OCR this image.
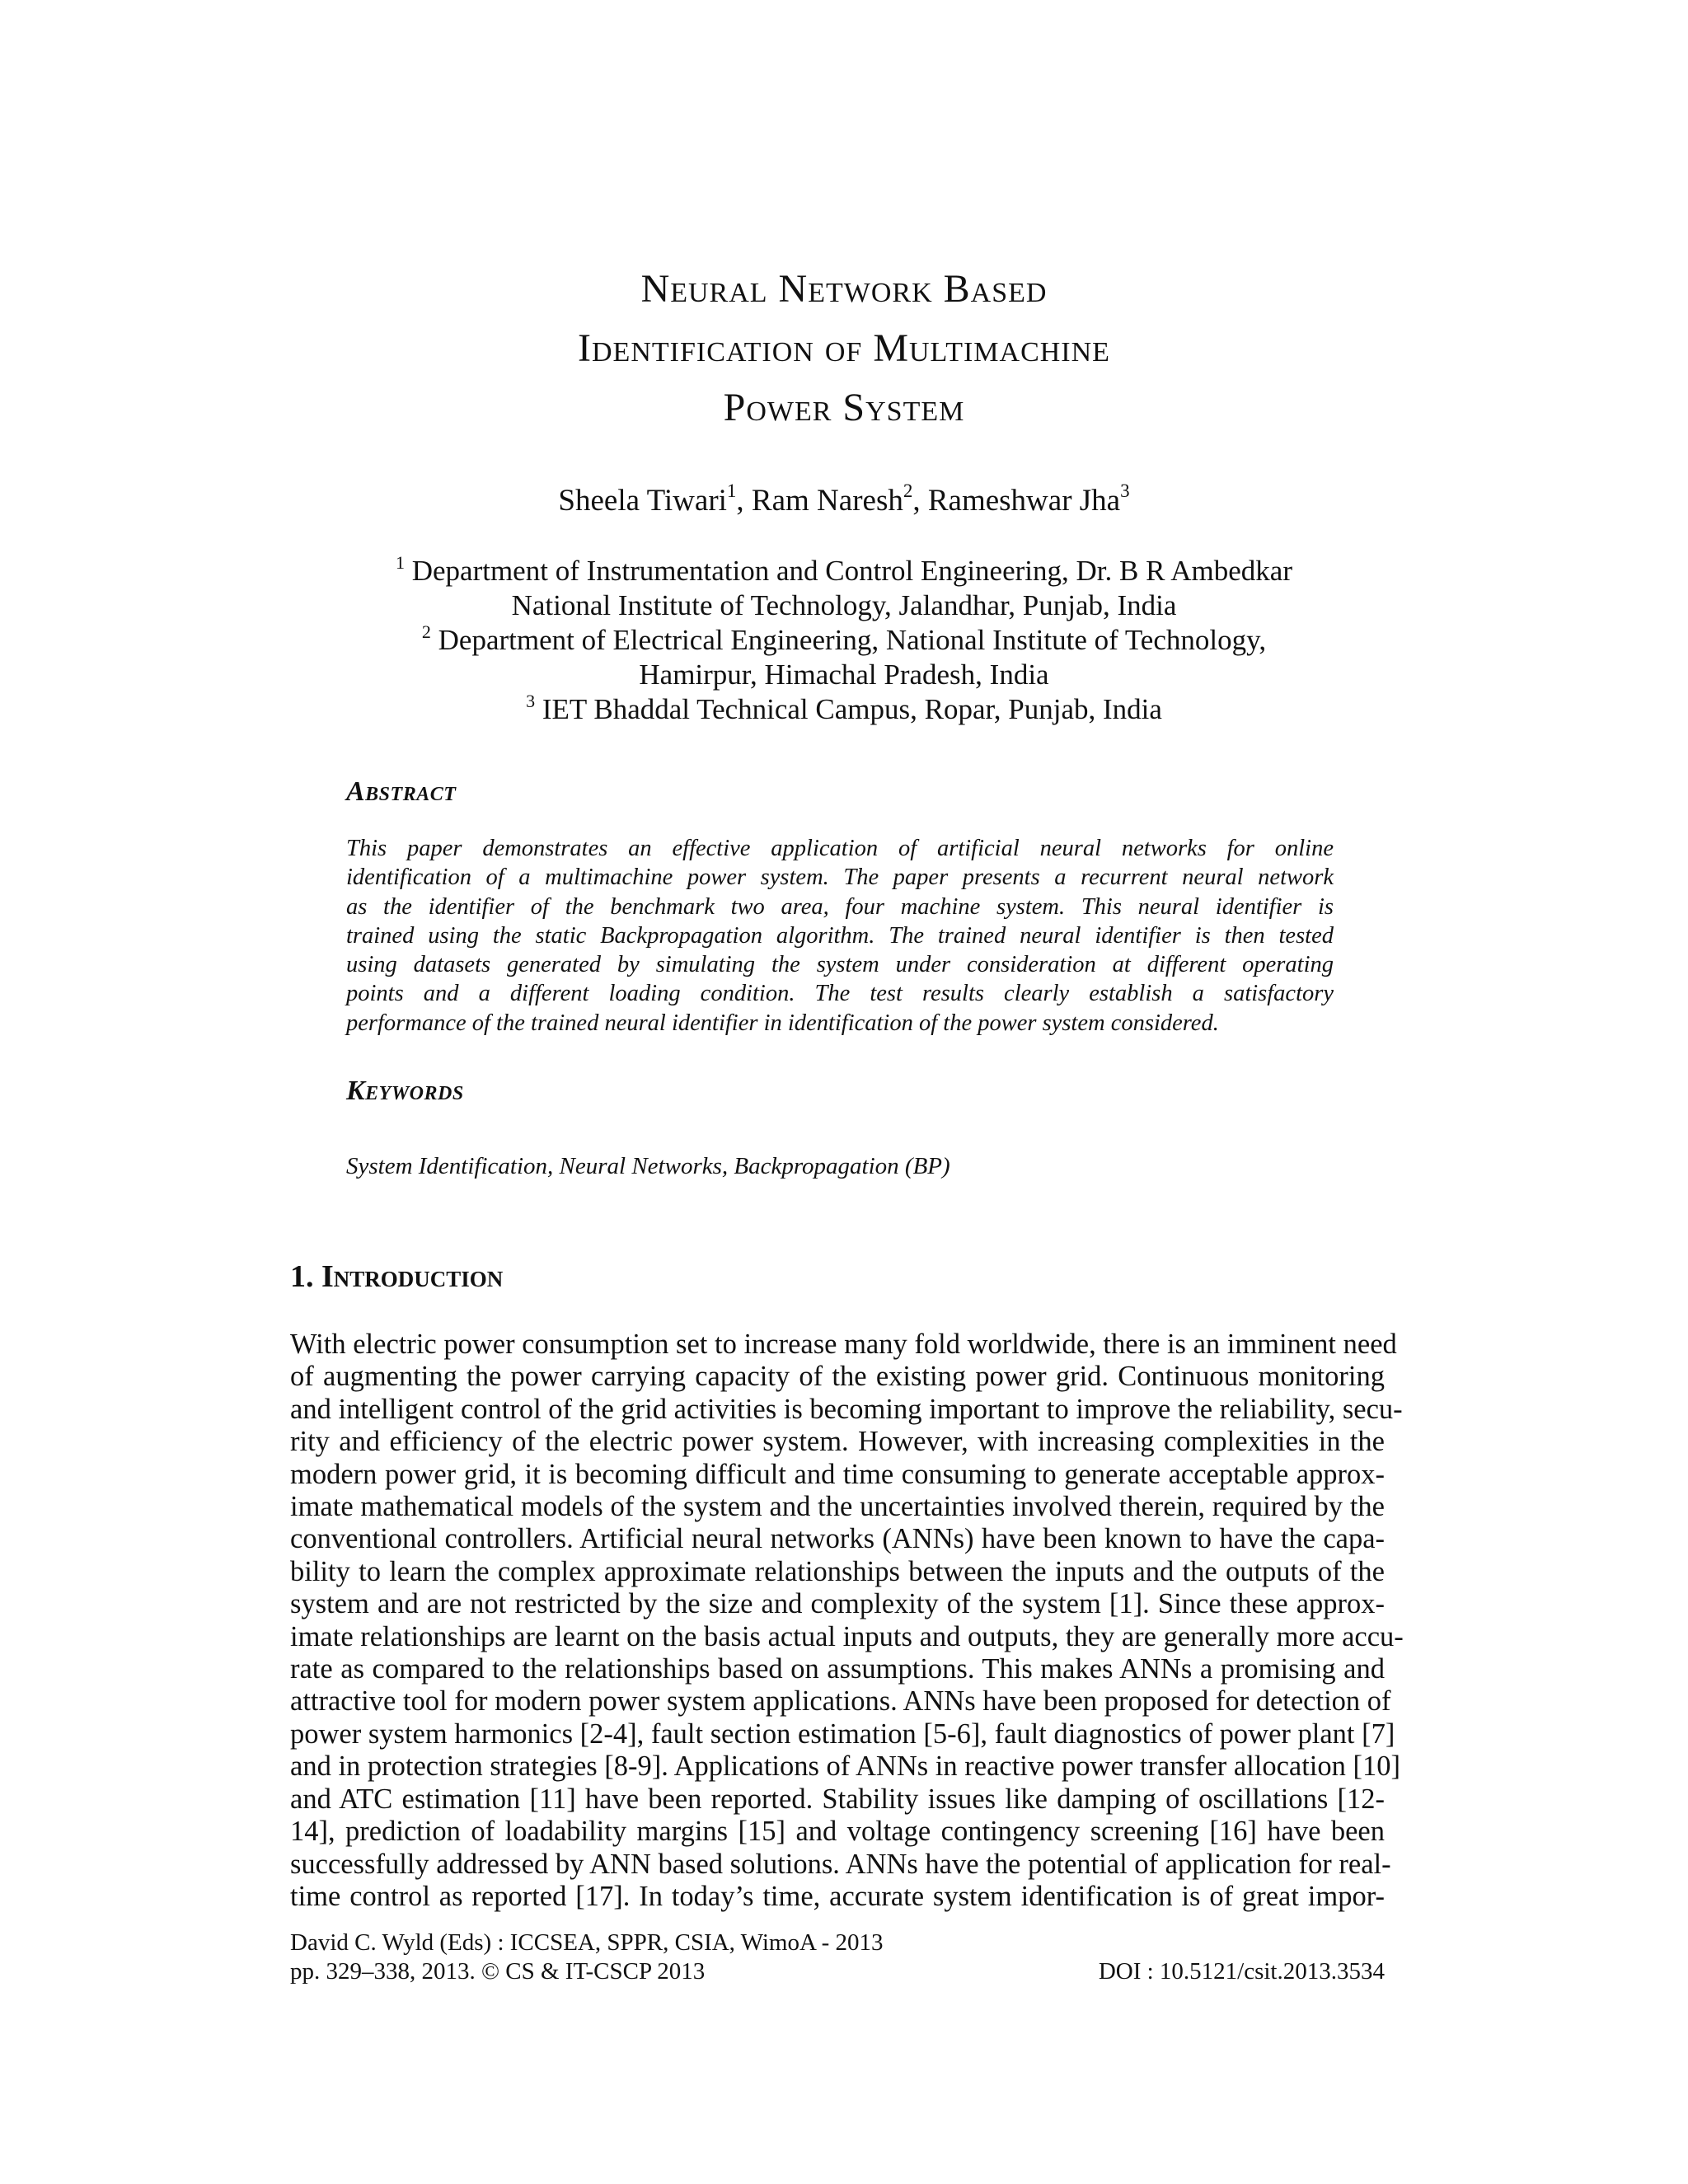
Neural Network Based
Identification of Multimachine
Power System
Sheela Tiwari$^1$, Ram Naresh$^2$, Rameshwar Jha$^3$
$^1$ Department of Instrumentation and Control Engineering, Dr. B R Ambedkar
National Institute of Technology, Jalandhar, Punjab, India
$^2$ Department of Electrical Engineering, National Institute of Technology,
Hamirpur, Himachal Pradesh, India
$^3$ IET Bhaddal Technical Campus, Ropar, Punjab, India
Abstract
This paper demonstrates an effective application of artificial neural networks for online
identification of a multimachine power system. The paper presents a recurrent neural network
as the identifier of the benchmark two area, four machine system. This neural identifier is
trained using the static Backpropagation algorithm. The trained neural identifier is then tested
using datasets generated by simulating the system under consideration at different operating
points and a different loading condition. The test results clearly establish a satisfactory
performance of the trained neural identifier in identification of the power system considered.
Keywords
System Identification, Neural Networks, Backpropagation (BP)
1. Introduction
With electric power consumption set to increase many fold worldwide, there is an imminent need
of augmenting the power carrying capacity of the existing power grid. Continuous monitoring
and intelligent control of the grid activities is becoming important to improve the reliability, secu-
rity and efficiency of the electric power system. However, with increasing complexities in the
modern power grid, it is becoming difficult and time consuming to generate acceptable approx-
imate mathematical models of the system and the uncertainties involved therein, required by the
conventional controllers. Artificial neural networks (ANNs) have been known to have the capa-
bility to learn the complex approximate relationships between the inputs and the outputs of the
system and are not restricted by the size and complexity of the system [1]. Since these approx-
imate relationships are learnt on the basis actual inputs and outputs, they are generally more accu-
rate as compared to the relationships based on assumptions. This makes ANNs a promising and
attractive tool for modern power system applications. ANNs have been proposed for detection of
power system harmonics [2-4], fault section estimation [5-6], fault diagnostics of power plant [7]
and in protection strategies [8-9]. Applications of ANNs in reactive power transfer allocation [10]
and ATC estimation [11] have been reported. Stability issues like damping of oscillations [12-
14], prediction of loadability margins [15] and voltage contingency screening [16] have been
successfully addressed by ANN based solutions. ANNs have the potential of application for real-
time control as reported [17]. In today’s time, accurate system identification is of great impor-
David C. Wyld (Eds) : ICCSEA, SPPR, CSIA, WimoA - 2013
pp. 329–338, 2013. © CS & IT-CSCP 2013	DOI : 10.5121/csit.2013.3534
